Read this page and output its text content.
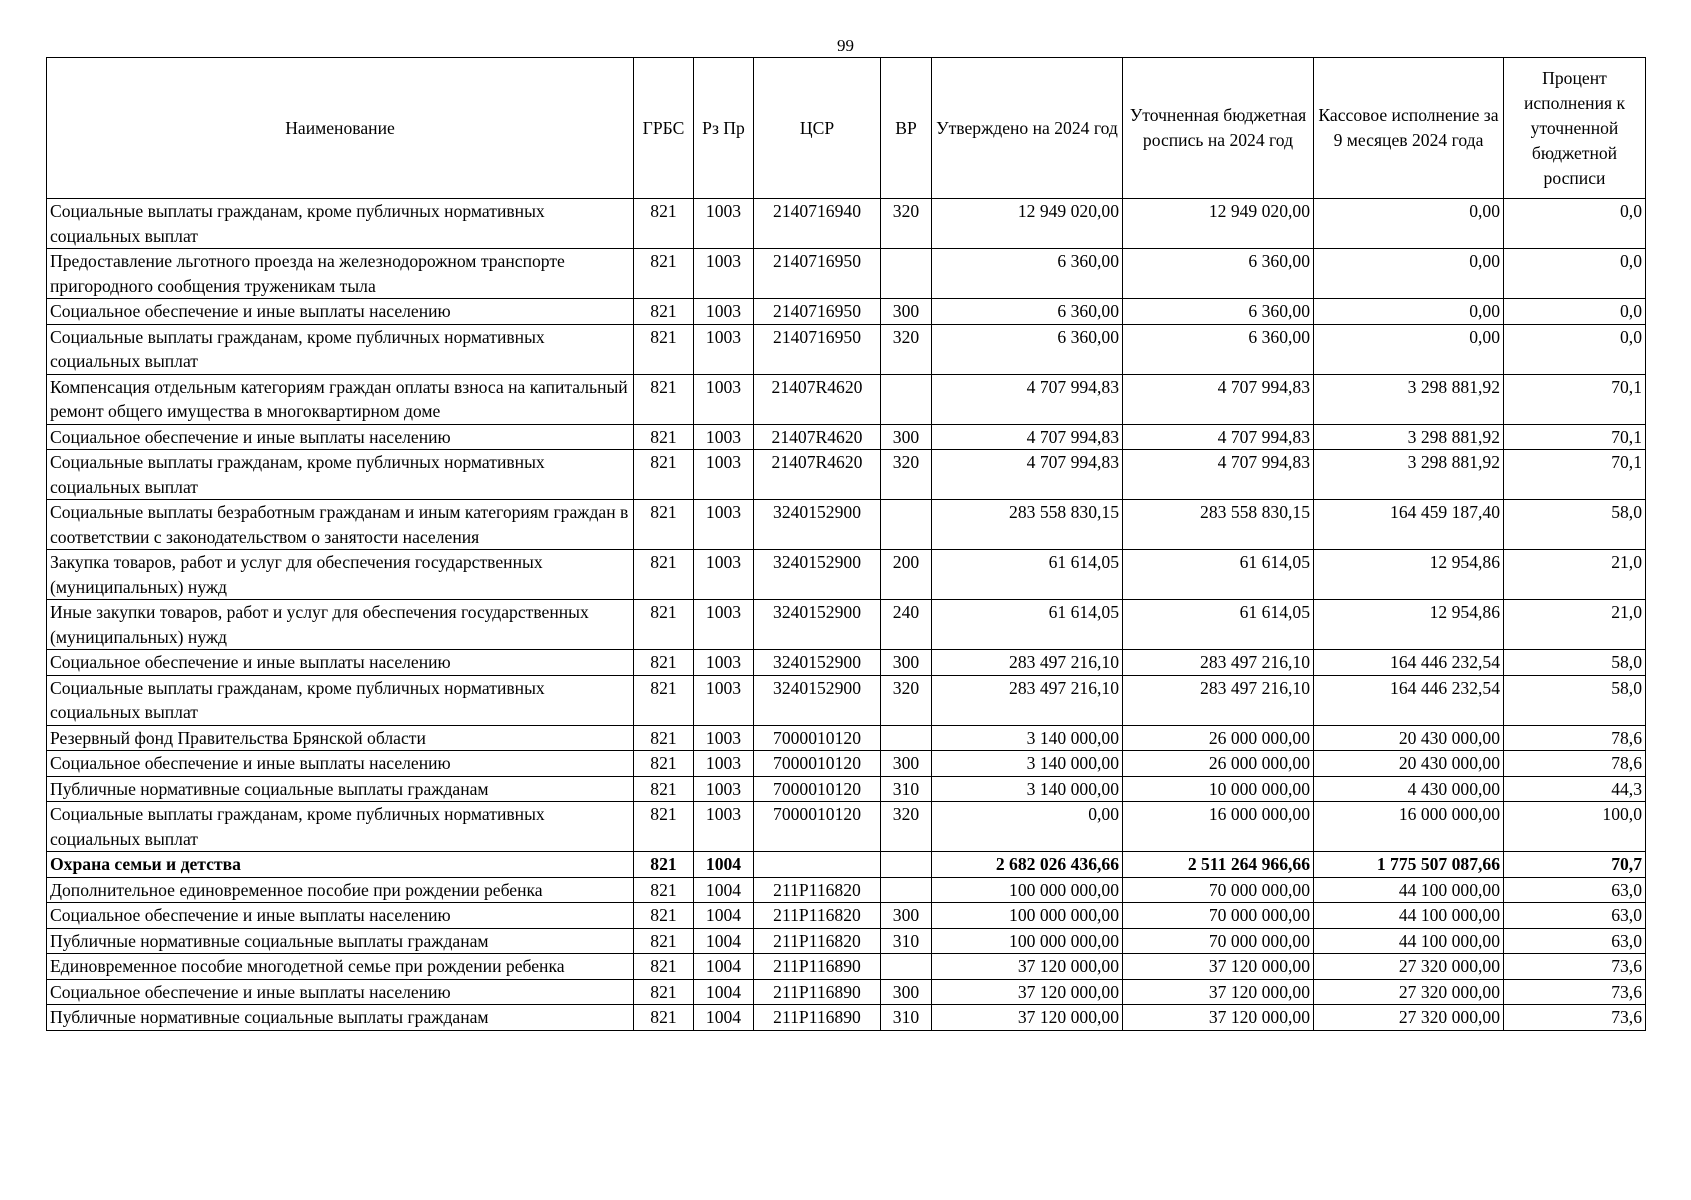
99
Наименование	ГРБС	Рз Пр	ЦСР	ВР	Утверждено на 2024 год	Уточненная бюджетная роспись на 2024 год	Кассовое исполнение за 9 месяцев 2024 года	Процент исполнения к уточненной бюджетной росписи
Социальные выплаты гражданам, кроме публичных нормативных социальных выплат	821	1003	2140716940	320	12 949 020,00	12 949 020,00	0,00	0,0
Предоставление льготного проезда на железнодорожном транспорте пригородного сообщения труженикам тыла	821	1003	2140716950		6 360,00	6 360,00	0,00	0,0
Социальное обеспечение и иные выплаты населению	821	1003	2140716950	300	6 360,00	6 360,00	0,00	0,0
Социальные выплаты гражданам, кроме публичных нормативных социальных выплат	821	1003	2140716950	320	6 360,00	6 360,00	0,00	0,0
Компенсация отдельным категориям граждан оплаты взноса на капитальный ремонт общего имущества в многоквартирном доме	821	1003	21407R4620		4 707 994,83	4 707 994,83	3 298 881,92	70,1
Социальное обеспечение и иные выплаты населению	821	1003	21407R4620	300	4 707 994,83	4 707 994,83	3 298 881,92	70,1
Социальные выплаты гражданам, кроме публичных нормативных социальных выплат	821	1003	21407R4620	320	4 707 994,83	4 707 994,83	3 298 881,92	70,1
Социальные выплаты безработным гражданам и иным категориям граждан в соответствии с законодательством о занятости населения	821	1003	3240152900		283 558 830,15	283 558 830,15	164 459 187,40	58,0
Закупка товаров, работ и услуг для обеспечения государственных (муниципальных) нужд	821	1003	3240152900	200	61 614,05	61 614,05	12 954,86	21,0
Иные закупки товаров, работ и услуг для обеспечения государственных (муниципальных) нужд	821	1003	3240152900	240	61 614,05	61 614,05	12 954,86	21,0
Социальное обеспечение и иные выплаты населению	821	1003	3240152900	300	283 497 216,10	283 497 216,10	164 446 232,54	58,0
Социальные выплаты гражданам, кроме публичных нормативных социальных выплат	821	1003	3240152900	320	283 497 216,10	283 497 216,10	164 446 232,54	58,0
Резервный фонд Правительства Брянской области	821	1003	7000010120		3 140 000,00	26 000 000,00	20 430 000,00	78,6
Социальное обеспечение и иные выплаты населению	821	1003	7000010120	300	3 140 000,00	26 000 000,00	20 430 000,00	78,6
Публичные нормативные социальные выплаты гражданам	821	1003	7000010120	310	3 140 000,00	10 000 000,00	4 430 000,00	44,3
Социальные выплаты гражданам, кроме публичных нормативных социальных выплат	821	1003	7000010120	320	0,00	16 000 000,00	16 000 000,00	100,0
Охрана семьи и детства	821	1004			2 682 026 436,66	2 511 264 966,66	1 775 507 087,66	70,7
Дополнительное единовременное пособие при рождении ребенка	821	1004	211P116820		100 000 000,00	70 000 000,00	44 100 000,00	63,0
Социальное обеспечение и иные выплаты населению	821	1004	211P116820	300	100 000 000,00	70 000 000,00	44 100 000,00	63,0
Публичные нормативные социальные выплаты гражданам	821	1004	211P116820	310	100 000 000,00	70 000 000,00	44 100 000,00	63,0
Единовременное пособие многодетной семье при рождении ребенка	821	1004	211P116890		37 120 000,00	37 120 000,00	27 320 000,00	73,6
Социальное обеспечение и иные выплаты населению	821	1004	211P116890	300	37 120 000,00	37 120 000,00	27 320 000,00	73,6
Публичные нормативные социальные выплаты гражданам	821	1004	211P116890	310	37 120 000,00	37 120 000,00	27 320 000,00	73,6
